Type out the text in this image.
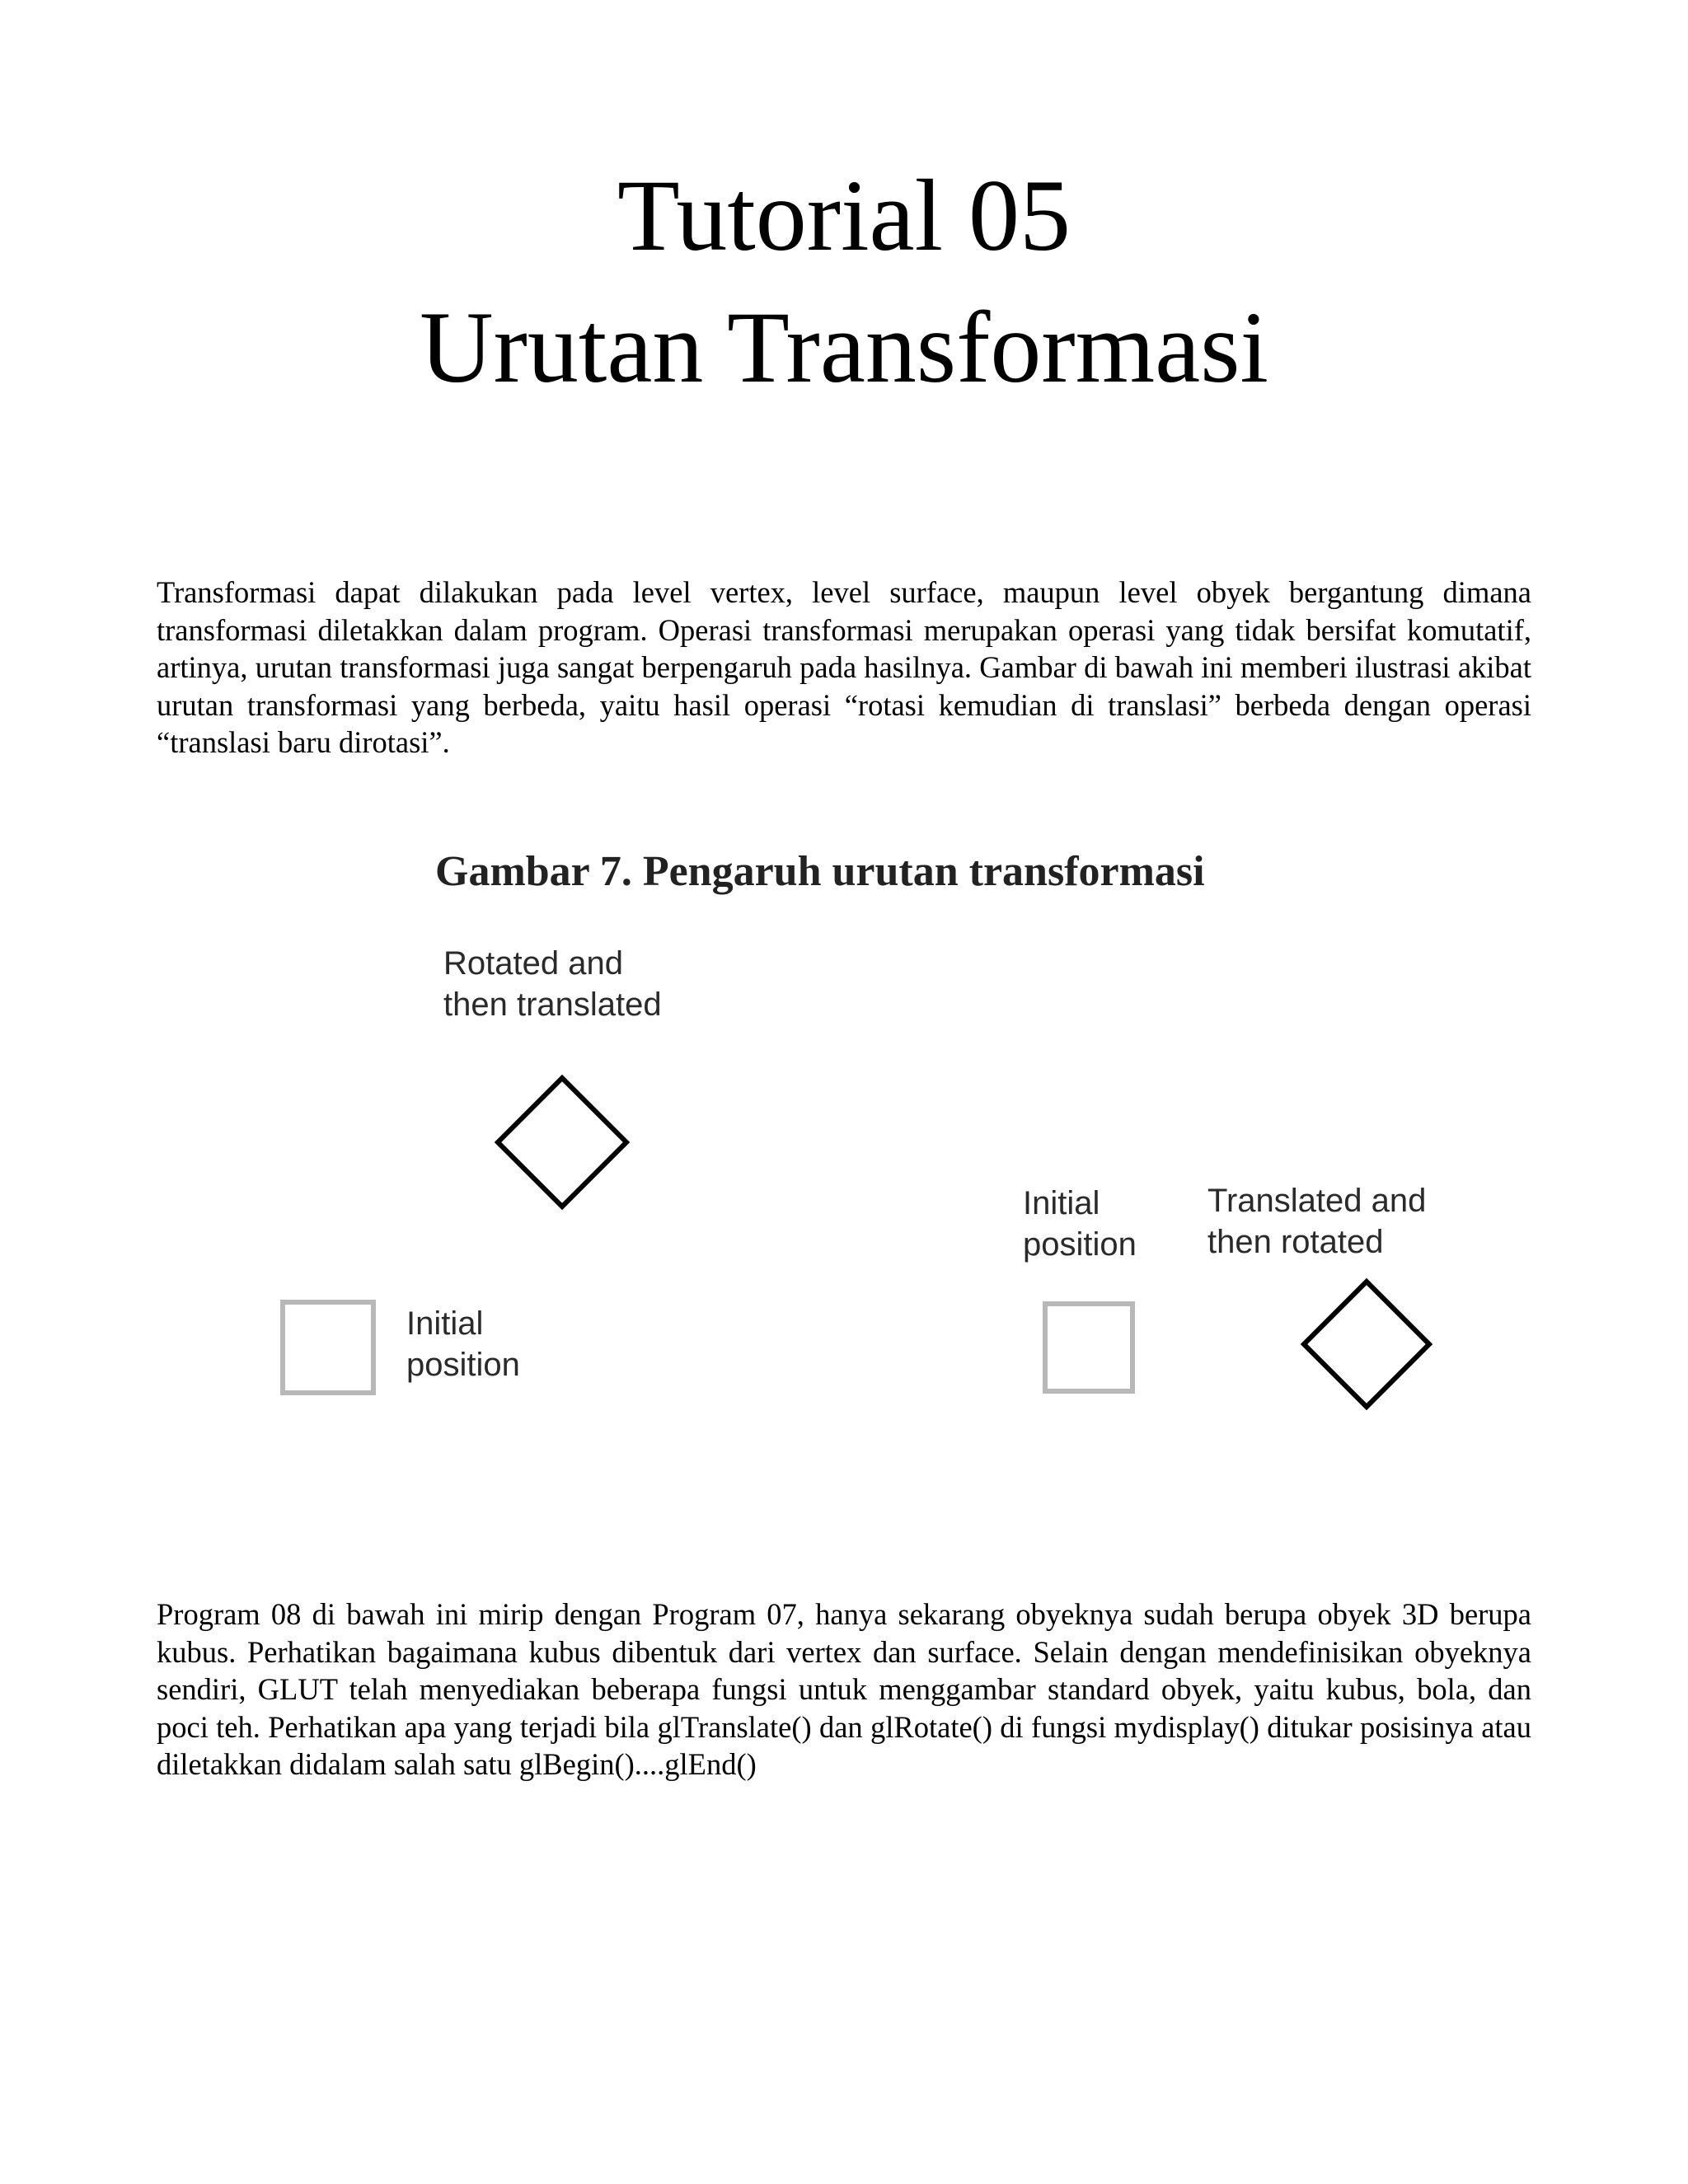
Tutorial 05
Urutan Transformasi

Transformasi dapat dilakukan pada level vertex, level surface, maupun level obyek bergantung dimana transformasi diletakkan dalam program. Operasi transformasi merupakan operasi yang tidak bersifat komutatif, artinya, urutan transformasi juga sangat berpengaruh pada hasilnya. Gambar di bawah ini memberi ilustrasi akibat urutan transformasi yang berbeda, yaitu hasil operasi “rotasi kemudian di translasi” berbeda dengan operasi “translasi baru dirotasi”.

Gambar 7. Pengaruh urutan transformasi

Rotated and
then translated

Initial
position

Initial
position

Translated and
then rotated

Program 08 di bawah ini mirip dengan Program 07, hanya sekarang obyeknya sudah berupa obyek 3D berupa kubus. Perhatikan bagaimana kubus dibentuk dari vertex dan surface. Selain dengan mendefinisikan obyeknya sendiri, GLUT telah menyediakan beberapa fungsi untuk menggambar standard obyek, yaitu kubus, bola, dan poci teh. Perhatikan apa yang terjadi bila glTranslate() dan glRotate() di fungsi mydisplay() ditukar posisinya atau diletakkan didalam salah satu glBegin()....glEnd()
